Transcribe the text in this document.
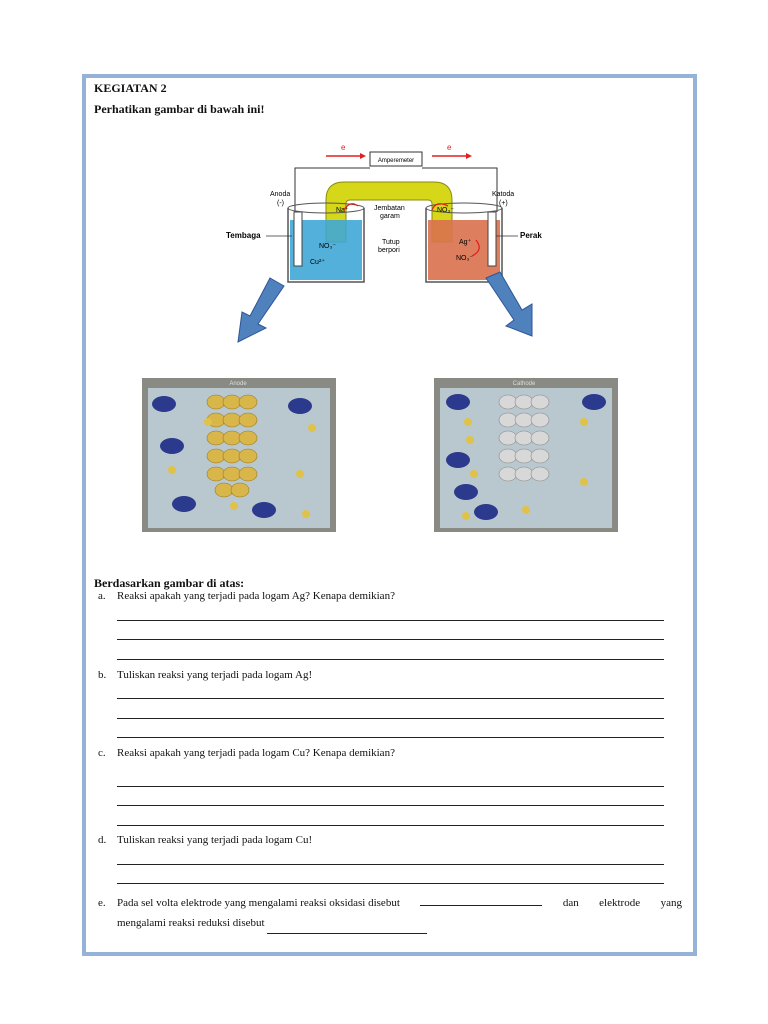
KEGIATAN 2
Perhatikan gambar di bawah ini!
Amperemeter
e	e
Na⁺	NO₃⁻
NO₃⁻
Cu²⁺
Ag⁺
NO₃⁻
Anoda
(-)
Katoda
(+)
Tembaga	Perak
Jembatan
garam
Tutup
berpori
Anode	Cathode
Berdasarkan gambar di atas:
a. Reaksi apakah yang terjadi pada logam Ag? Kenapa demikian?
b. Tuliskan reaksi yang terjadi pada logam Ag!
c. Reaksi apakah yang terjadi pada logam Cu? Kenapa demikian?
d. Tuliskan reaksi yang terjadi pada logam Cu!
e. Pada sel volta elektrode yang mengalami reaksi oksidasi disebut	dan elektrode yang
mengalami reaksi reduksi disebut
